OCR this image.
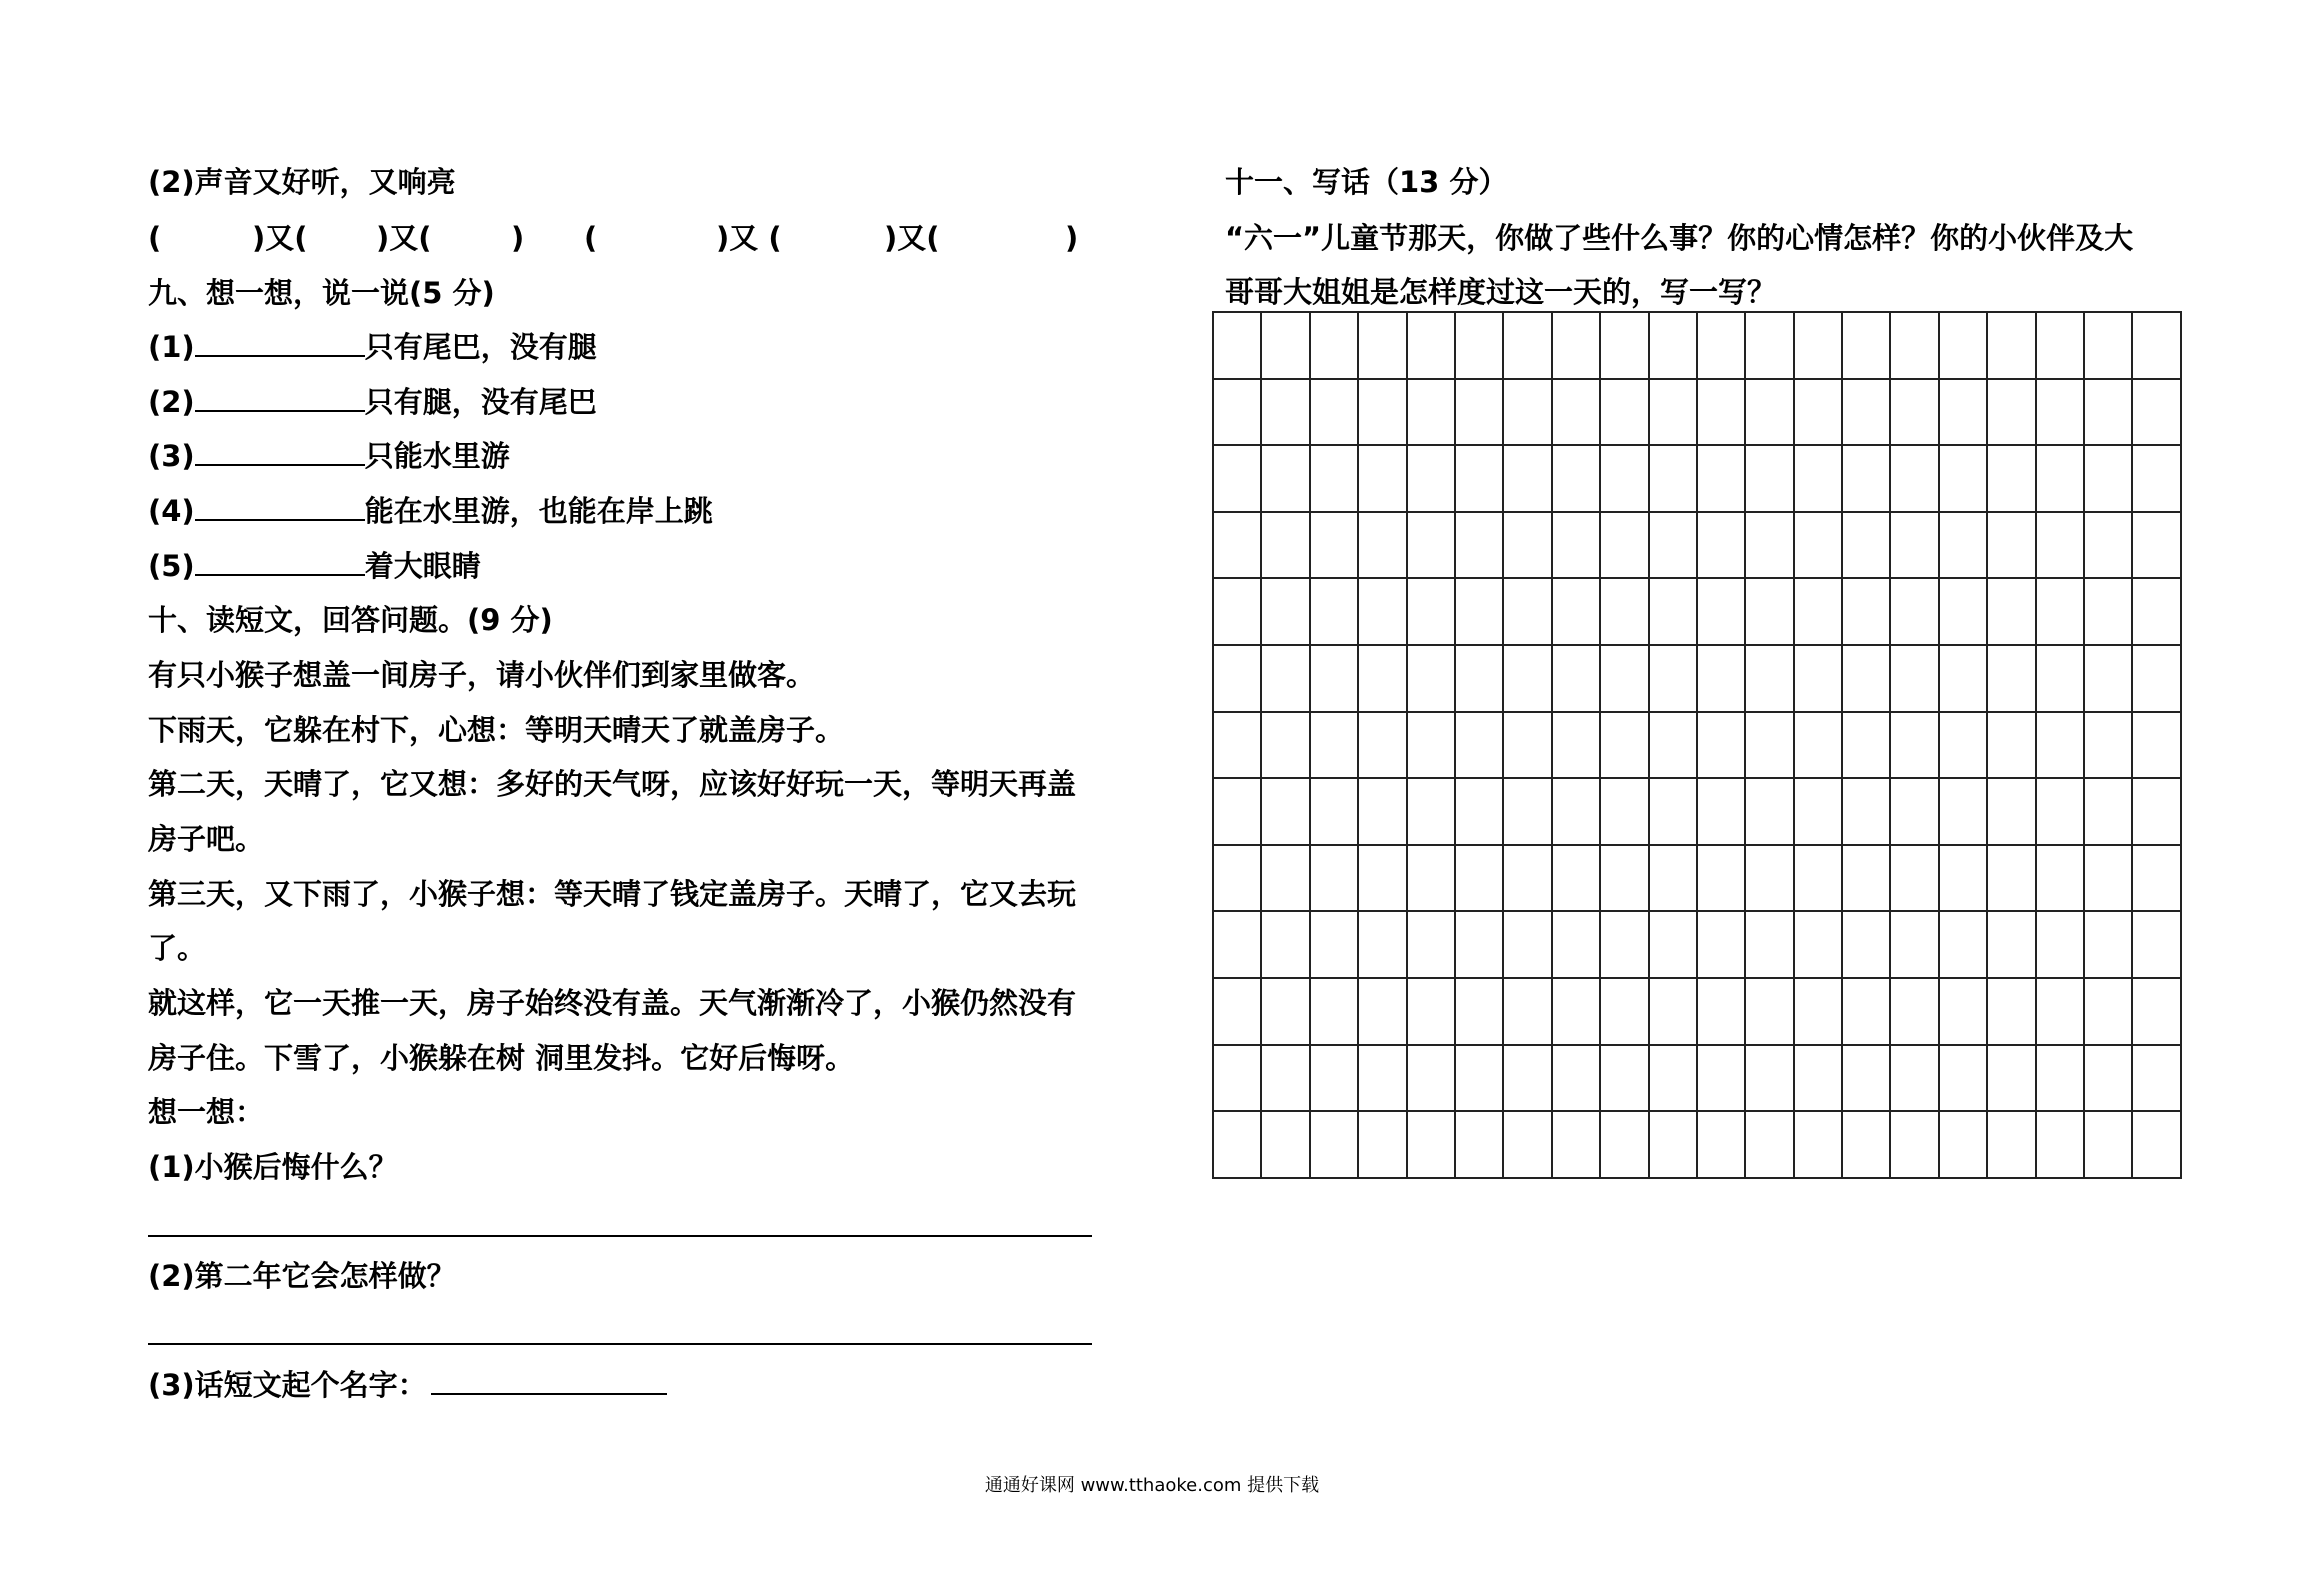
(2)声音又好听，又响亮
(	)又( )又(	) (	)又 (	)又(	)
九、想一想，说一说(5 分)
(1)	只有尾巴，没有腿
(2)	只有腿，没有尾巴
(3)	只能水里游
(4)	能在水里游，也能在岸上跳
(5)	着大眼睛
十、读短文，回答问题。(9 分)
有只小猴子想盖一间房子，请小伙伴们到家里做客。
下雨天，它躲在村下，心想：等明天晴天了就盖房子。
第二天，天晴了，它又想：多好的天气呀，应该好好玩一天，等明天再盖
房子吧。
第三天，又下雨了，小猴子想：等天晴了钱定盖房子。天晴了，它又去玩
了。
就这样，它一天推一天，房子始终没有盖。天气渐渐冷了，小猴仍然没有
房子住。下雪了，小猴躲在树 洞里发抖。它好后悔呀。
想一想：
(1)小猴后悔什么？
(2)第二年它会怎样做？
(3)话短文起个名字：
十一、写话（13 分）
“六一”儿童节那天，你做了些什么事？你的心情怎样？你的小伙伴及大
哥哥大姐姐是怎样度过这一天的，写一写？

通通好课网 www.tthaoke.com 提供下载
